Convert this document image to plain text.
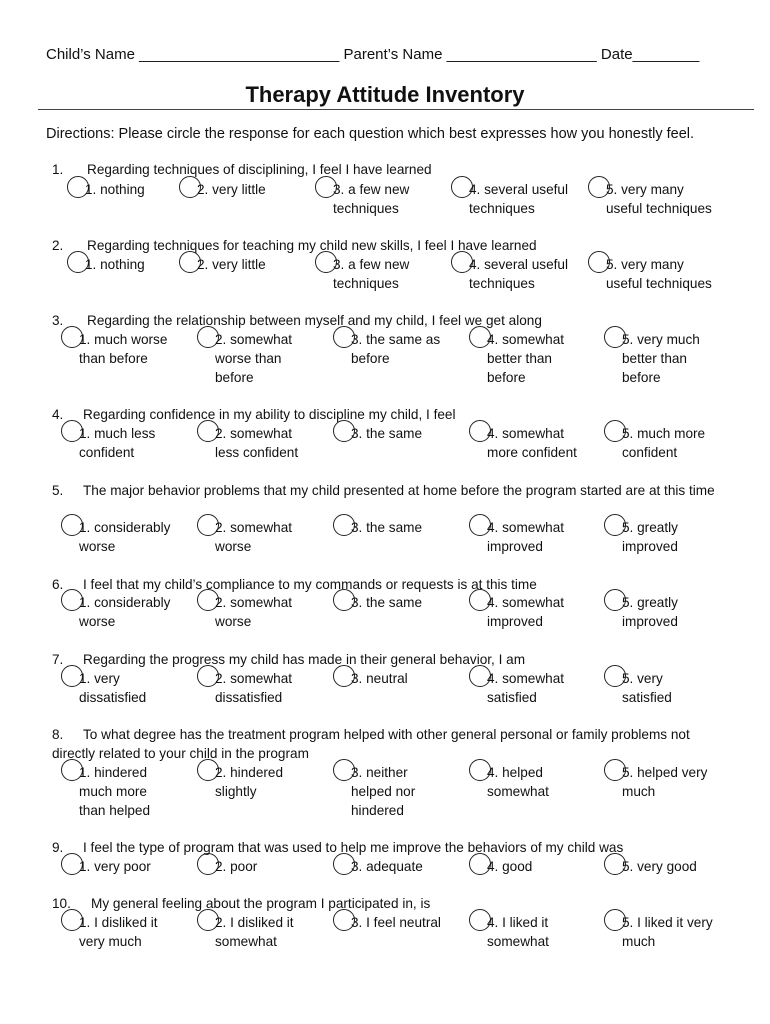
Child’s Name ________________________ Parent’s Name __________________ Date________
Therapy Attitude Inventory
Directions: Please circle the response for each question which best expresses how you honestly feel.
1. Regarding techniques of disciplining, I feel I have learned
1. nothing	2. very little	3. a few new
techniques
4. several useful
techniques
5. very many
useful techniques
2. Regarding techniques for teaching my child new skills, I feel I have learned
1. nothing	2. very little	3. a few new
techniques
4. several useful
techniques
5. very many
useful techniques
3. Regarding the relationship between myself and my child, I feel we get along
1. much worse
than before
2. somewhat
worse than
before
3. the same as
before
4. somewhat
better than
before
5. very much
better than
before
4. Regarding confidence in my ability to discipline my child, I feel
1. much less
confident
2. somewhat
less confident
3. the same	4. somewhat
more confident
5. much more
confident
5. The major behavior problems that my child presented at home before the program started are at this time
1. considerably
worse
2. somewhat
worse
3. the same	4. somewhat
improved
5. greatly
improved
6. I feel that my child’s compliance to my commands or requests is at this time
1. considerably
worse
2. somewhat
worse
3. the same	4. somewhat
improved
5. greatly
improved
7. Regarding the progress my child has made in their general behavior, I am
1. very
dissatisfied
2. somewhat
dissatisfied
3. neutral	4. somewhat
satisfied
5. very
satisfied
8. To what degree has the treatment program helped with other general personal or family problems not directly related to your child in the program
1. hindered
much more
than helped
2. hindered
slightly
3. neither
helped nor
hindered
4. helped
somewhat
5. helped very
much
9. I feel the type of program that was used to help me improve the behaviors of my child was
1. very poor	2. poor	3. adequate	4. good	5. very good
10. My general feeling about the program I participated in, is
1. I disliked it
very much
2. I disliked it
somewhat
3. I feel neutral	4. I liked it
somewhat
5. I liked it very
much
